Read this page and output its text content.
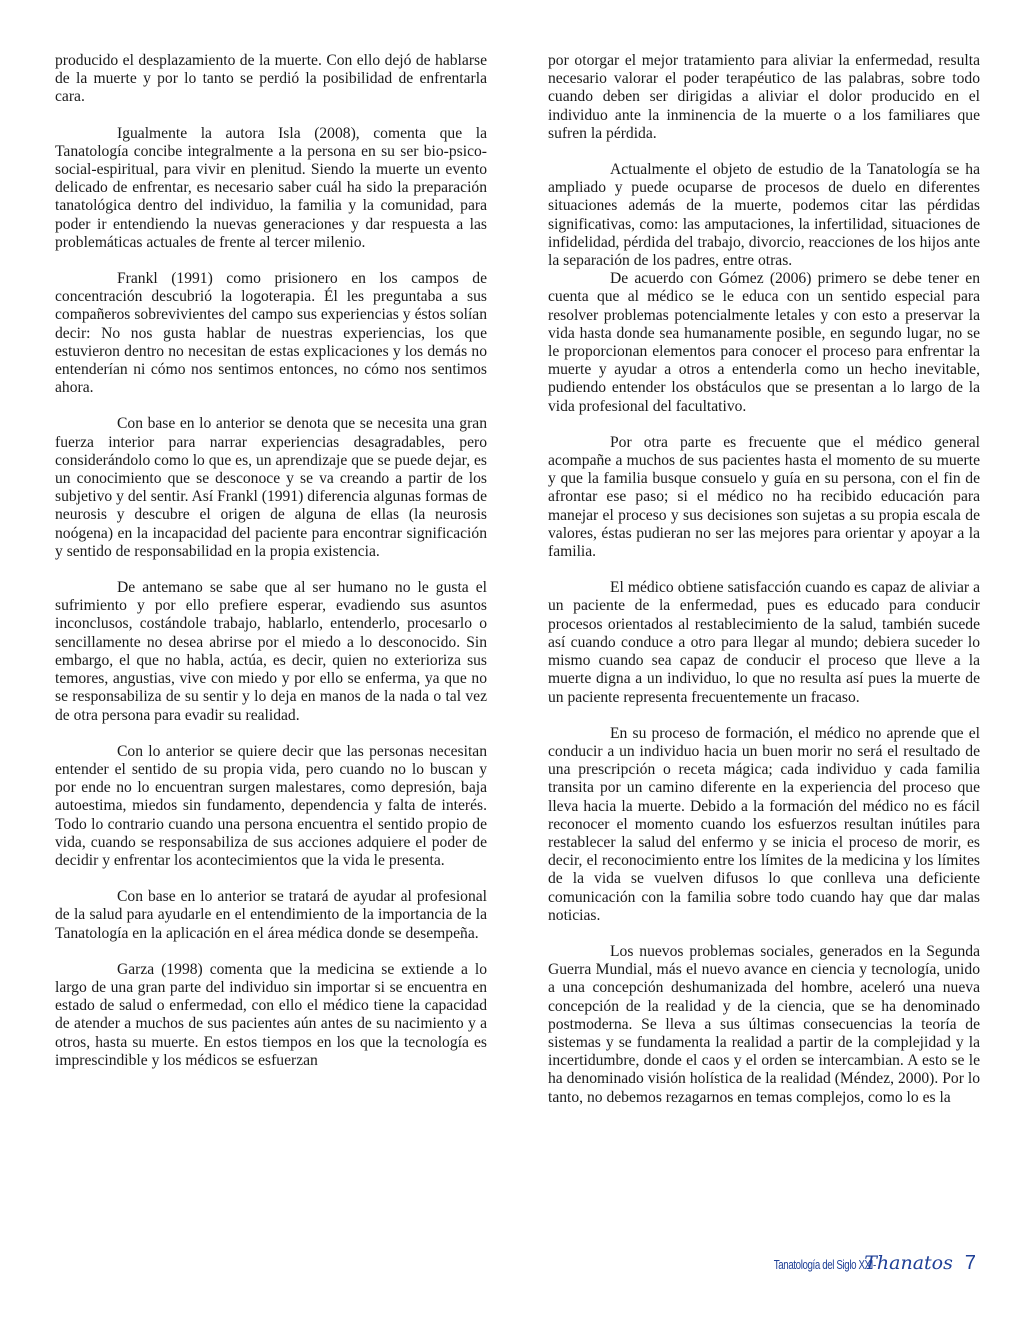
producido el desplazamiento de la muerte. Con ello dejó de hablarse de la muerte y por lo tanto se perdió la posibilidad de enfrentarla cara.

Igualmente la autora Isla (2008), comenta que la Tanatología concibe integralmente a la persona en su ser bio-psico-social-espiritual, para vivir en plenitud. Siendo la muerte un evento delicado de enfrentar, es necesario saber cuál ha sido la preparación tanatológica dentro del individuo, la familia y la comunidad, para poder ir entendiendo la nuevas generaciones y dar respuesta a las problemáticas actuales de frente al tercer milenio.

Frankl (1991) como prisionero en los campos de concentración descubrió la logoterapia. Él les preguntaba a sus compañeros sobrevivientes del campo sus experiencias y éstos solían decir: No nos gusta hablar de nuestras experiencias, los que estuvieron dentro no necesitan de estas explicaciones y los demás no entenderían ni cómo nos sentimos entonces, no cómo nos sentimos ahora.

Con base en lo anterior se denota que se necesita una gran fuerza interior para narrar experiencias desagradables, pero considerándolo como lo que es, un aprendizaje que se puede dejar, es un conocimiento que se desconoce y se va creando a partir de los subjetivo y del sentir. Así Frankl (1991) diferencia algunas formas de neurosis y descubre el origen de alguna de ellas (la neurosis noógena) en la incapacidad del paciente para encontrar significación y sentido de responsabilidad en la propia existencia.

De antemano se sabe que al ser humano no le gusta el sufrimiento y por ello prefiere esperar, evadiendo sus asuntos inconclusos, costándole trabajo, hablarlo, entenderlo, procesarlo o sencillamente no desea abrirse por el miedo a lo desconocido. Sin embargo, el que no habla, actúa, es decir, quien no exterioriza sus temores, angustias, vive con miedo y por ello se enferma, ya que no se responsabiliza de su sentir y lo deja en manos de la nada o tal vez de otra persona para evadir su realidad.

Con lo anterior se quiere decir que las personas necesitan entender el sentido de su propia vida, pero cuando no lo buscan y por ende no lo encuentran surgen malestares, como depresión, baja autoestima, miedos sin fundamento, dependencia y falta de interés. Todo lo contrario cuando una persona encuentra el sentido propio de vida, cuando se responsabiliza de sus acciones adquiere el poder de decidir y enfrentar los acontecimientos que la vida le presenta.

Con base en lo anterior se tratará de ayudar al profesional de la salud para ayudarle en el entendimiento de la importancia de la Tanatología en la aplicación en el área médica donde se desempeña.

Garza (1998) comenta que la medicina se extiende a lo largo de una gran parte del individuo sin importar si se encuentra en estado de salud o enfermedad, con ello el médico tiene la capacidad de atender a muchos de sus pacientes aún antes de su nacimiento y a otros, hasta su muerte. En estos tiempos en los que la tecnología es imprescindible y los médicos se esfuerzan

por otorgar el mejor tratamiento para aliviar la enfermedad, resulta necesario valorar el poder terapéutico de las palabras, sobre todo cuando deben ser dirigidas a aliviar el dolor producido en el individuo ante la inminencia de la muerte o a los familiares que sufren la pérdida.

Actualmente el objeto de estudio de la Tanatología se ha ampliado y puede ocuparse de procesos de duelo en diferentes situaciones además de la muerte, podemos citar las pérdidas significativas, como: las amputaciones, la infertilidad, situaciones de infidelidad, pérdida del trabajo, divorcio, reacciones de los hijos ante la separación de los padres, entre otras.

De acuerdo con Gómez (2006) primero se debe tener en cuenta que al médico se le educa con un sentido especial para resolver problemas potencialmente letales y con esto a preservar la vida hasta donde sea humanamente posible, en segundo lugar, no se le proporcionan elementos para conocer el proceso para enfrentar la muerte y ayudar a otros a entenderla como un hecho inevitable, pudiendo entender los obstáculos que se presentan a lo largo de la vida profesional del facultativo.

Por otra parte es frecuente que el médico general acompañe a muchos de sus pacientes hasta el momento de su muerte y que la familia busque consuelo y guía en su persona, con el fin de afrontar ese paso; si el médico no ha recibido educación para manejar el proceso y sus decisiones son sujetas a su propia escala de valores, éstas pudieran no ser las mejores para orientar y apoyar a la familia.

El médico obtiene satisfacción cuando es capaz de aliviar a un paciente de la enfermedad, pues es educado para conducir procesos orientados al restablecimiento de la salud, también sucede así cuando conduce a otro para llegar al mundo; debiera suceder lo mismo cuando sea capaz de conducir el proceso que lleve a la muerte digna a un individuo, lo que no resulta así pues la muerte de un paciente representa frecuentemente un fracaso.

En su proceso de formación, el médico no aprende que el conducir a un individuo hacia un buen morir no será el resultado de una prescripción o receta mágica; cada individuo y cada familia transita por un camino diferente en la experiencia del proceso que lleva hacia la muerte. Debido a la formación del médico no es fácil reconocer el momento cuando los esfuerzos resultan inútiles para restablecer la salud del enfermo y se inicia el proceso de morir, es decir, el reconocimiento entre los límites de la medicina y los límites de la vida se vuelven difusos lo que conlleva una deficiente comunicación con la familia sobre todo cuando hay que dar malas noticias.

Los nuevos problemas sociales, generados en la Segunda Guerra Mundial, más el nuevo avance en ciencia y tecnología, unido a una concepción deshumanizada del hombre, aceleró una nueva concepción de la realidad y de la ciencia, que se ha denominado postmoderna. Se lleva a sus últimas consecuencias la teoría de sistemas y se fundamenta la realidad a partir de la complejidad y la incertidumbre, donde el caos y el orden se intercambian. A esto se le ha denominado visión holística de la realidad (Méndez, 2000). Por lo tanto, no debemos rezagarnos en temas complejos, como lo es la

Tanatología del Siglo XXI-
Thanatos 7
